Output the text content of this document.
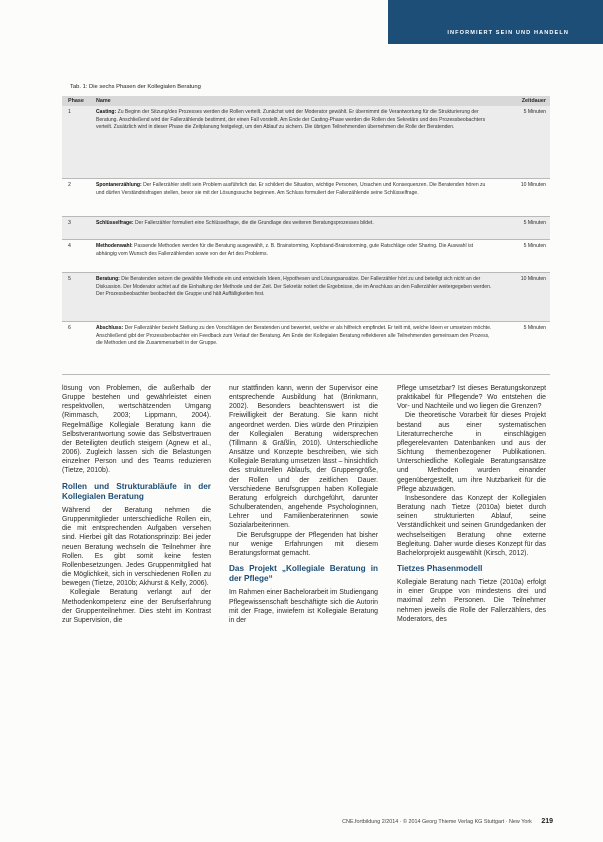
INFORMIERT SEIN UND HANDELN
Tab. 1: Die sechs Phasen der Kollegialen Beratung
Phase Name	Zeitdauer
1	Casting: Zu Beginn der Sitzung/des Prozesses werden die Rollen verteilt. Zunächst wird der Moderator gewählt. Er übernimmt die Verantwortung für die Strukturierung der Beratung. Anschließend wird der Fallerzählende bestimmt, der einen Fall vorstellt. Am Ende der Casting-Phase werden die Rollen des Sekretärs und des Prozessbeobachters verteilt. Zusätzlich wird in dieser Phase die Zeitplanung festgelegt, um den Ablauf zu sichern. Die übrigen Teilnehmenden übernehmen die Rolle der Beratenden.
5 Minuten
2	Spontanerzählung: Der Fallerzähler stellt sein Problem ausführlich dar. Er schildert die Situation, wichtige Personen, Ursachen und Konsequenzen. Die Beratenden hören zu und dürfen Verständnisfragen stellen, bevor sie mit der Lösungssuche beginnen. Am Schluss formuliert der Fallerzählende seine Schlüsselfrage.
10 Minuten
3	Schlüsselfrage: Der Fallerzähler formuliert eine Schlüsselfrage, die die Grundlage des weiteren Beratungsprozesses bildet.	5 Minuten
4	Methodenwahl: Passende Methoden werden für die Beratung ausgewählt, z. B. Brainstorming, Kopfstand-Brainstorming, gute Ratschläge oder Sharing. Die Auswahl ist abhängig vom Wunsch des Fallerzählenden sowie von der Art des Problems.
5 Minuten
5	Beratung: Die Beratenden setzen die gewählte Methode ein und entwickeln Ideen, Hypothesen und Lösungsansätze. Der Fallerzähler hört zu und beteiligt sich nicht an der Diskussion. Der Moderator achtet auf die Einhaltung der Methode und der Zeit. Der Sekretär notiert die Ergebnisse, die im Anschluss an den Fallerzähler weitergegeben werden. Der Prozessbeobachter beobachtet die Gruppe und hält Auffälligkeiten fest.
10 Minuten
6	Abschluss: Der Fallerzähler bezieht Stellung zu den Vorschlägen der Beratenden und bewertet, welche er als hilfreich empfindet. Er teilt mit, welche Ideen er umsetzen möchte. Anschließend gibt der Prozessbeobachter ein Feedback zum Verlauf der Beratung. Am Ende der Kollegialen Beratung reflektieren alle Teilnehmenden gemeinsam den Prozess, die Methoden und die Zusammenarbeit in der Gruppe.
5 Minuten

lösung von Problemen, die außerhalb der Gruppe bestehen und gewährleistet einen respektvollen, wertschätzenden Umgang (Rimmasch, 2003; Lippmann, 2004). Regelmäßige Kollegiale Beratung kann die Selbstverantwortung sowie das Selbstvertrauen der Beteiligten deutlich steigern (Agnew et al., 2006). Zugleich lassen sich die Belastungen einzelner Person und des Teams reduzieren (Tietze, 2010b).

Rollen und Strukturabläufe in der Kollegialen Beratung

Während der Beratung nehmen die Gruppenmitglieder unterschiedliche Rollen ein, die mit entsprechenden Aufgaben versehen sind. Hierbei gilt das Rotationsprinzip: Bei jeder neuen Beratung wechseln die Teilnehmer ihre Rollen. Es gibt somit keine festen Rollenbesetzungen. Jedes Gruppenmitglied hat die Möglichkeit, sich in verschiedenen Rollen zu bewegen (Tietze, 2010b; Akhurst & Kelly, 2006).

Kollegiale Beratung verlangt auf der Methodenkompetenz eine der Berufserfahrung der Gruppenteilnehmer. Dies steht im Kontrast zur Supervision, die

nur stattfinden kann, wenn der Supervisor eine entsprechende Ausbildung hat (Brinkmann, 2002). Besonders beachtenswert ist die Freiwilligkeit der Beratung. Sie kann nicht angeordnet werden. Dies würde den Prinzipien der Kollegialen Beratung widersprechen (Tillmann & Gräßlin, 2010). Unterschiedliche Ansätze und Konzepte beschreiben, wie sich Kollegiale Beratung umsetzen lässt – hinsichtlich des strukturellen Ablaufs, der Gruppengröße, der Rollen und der zeitlichen Dauer. Verschiedene Berufsgruppen haben Kollegiale Beratung erfolgreich durchgeführt, darunter Schulberatenden, angehende Psychologinnen, Lehrer und Familienberaterinnen sowie Sozialarbeiterinnen.

Die Berufsgruppe der Pflegenden hat bisher nur wenige Erfahrungen mit diesem Beratungsformat gemacht.

Das Projekt „Kollegiale Beratung in der Pflege“

Im Rahmen einer Bachelorarbeit im Studiengang Pflegewissenschaft beschäftigte sich die Autorin mit der Frage, inwiefern ist Kollegiale Beratung in der

Pflege umsetzbar? Ist dieses Beratungskonzept praktikabel für Pflegende? Wo entstehen die Vor- und Nachteile und wo liegen die Grenzen?

Die theoretische Vorarbeit für dieses Projekt bestand aus einer systematischen Literaturrecherche in einschlägigen pflegerelevanten Datenbanken und aus der Sichtung themenbezogener Publikationen. Unterschiedliche Kollegiale Beratungsansätze und Methoden wurden einander gegenübergestellt, um ihre Nutzbarkeit für die Pflege abzuwägen.

Insbesondere das Konzept der Kollegialen Beratung nach Tietze (2010a) bietet durch seinen strukturierten Ablauf, seine Verständlichkeit und seinen Grundgedanken der wechselseitigen Beratung ohne externe Begleitung. Daher wurde dieses Konzept für das Bachelorprojekt ausgewählt (Kirsch, 2012).

Tietzes Phasenmodell

Kollegiale Beratung nach Tietze (2010a) erfolgt in einer Gruppe von mindestens drei und maximal zehn Personen. Die Teilnehmer nehmen jeweils die Rolle der Fallerzählers, des Moderators, des

CNE.fortbildung 2/2014 · © 2014 Georg Thieme Verlag KG Stuttgart · New York 219
